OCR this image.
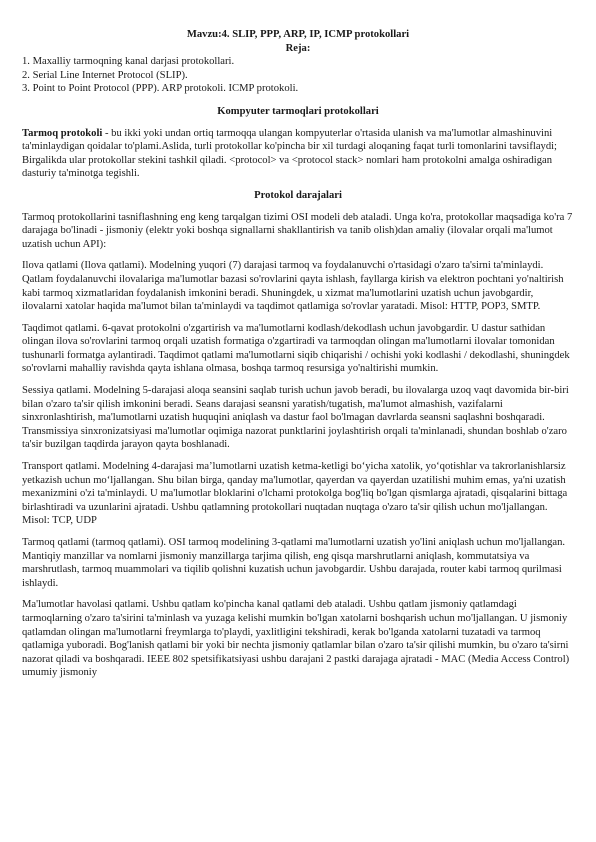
Mavzu:4. SLIP, PPP, ARP, IP, ICMP protokollari
Reja:
1. Maxalliy tarmoqning kanal darjasi protokollari.
2. Serial Line Internet Protocol (SLIP).
3. Point to Point Protocol (PPP). ARP protokoli. ICMP protokoli.
Kompyuter tarmoqlari protokollari

Tarmoq protokoli - bu ikki yoki undan ortiq tarmoqqa ulangan kompyuterlar o'rtasida ulanish va ma'lumotlar almashinuvini ta'minlaydigan qoidalar to'plami.Aslida, turli protokollar ko'pincha bir xil turdagi aloqaning faqat turli tomonlarini tavsiflaydi; Birgalikda ular protokollar stekini tashkil qiladi. <protocol> va <protocol stack> nomlari ham protokolni amalga oshiradigan dasturiy ta'minotga tegishli.

Protokol darajalari

Tarmoq protokollarini tasniflashning eng keng tarqalgan tizimi OSI modeli deb ataladi. Unga ko'ra, protokollar maqsadiga ko'ra 7 darajaga bo'linadi - jismoniy (elektr yoki boshqa signallarni shakllantirish va tanib olish)dan amaliy (ilovalar orqali ma'lumot uzatish uchun API):

Ilova qatlami (Ilova qatlami). Modelning yuqori (7) darajasi tarmoq va foydalanuvchi o'rtasidagi o'zaro ta'sirni ta'minlaydi. Qatlam foydalanuvchi ilovalariga ma'lumotlar bazasi so'rovlarini qayta ishlash, fayllarga kirish va elektron pochtani yo'naltirish kabi tarmoq xizmatlaridan foydalanish imkonini beradi. Shuningdek, u xizmat ma'lumotlarini uzatish uchun javobgardir, ilovalarni xatolar haqida ma'lumot bilan ta'minlaydi va taqdimot qatlamiga so'rovlar yaratadi. Misol: HTTP, POP3, SMTP.

Taqdimot qatlami. 6-qavat protokolni o'zgartirish va ma'lumotlarni kodlash/dekodlash uchun javobgardir. U dastur sathidan olingan ilova so'rovlarini tarmoq orqali uzatish formatiga o'zgartiradi va tarmoqdan olingan ma'lumotlarni ilovalar tomonidan tushunarli formatga aylantiradi. Taqdimot qatlami ma'lumotlarni siqib chiqarishi / ochishi yoki kodlashi / dekodlashi, shuningdek so'rovlarni mahalliy ravishda qayta ishlana olmasa, boshqa tarmoq resursiga yo'naltirishi mumkin.

Sessiya qatlami. Modelning 5-darajasi aloqa seansini saqlab turish uchun javob beradi, bu ilovalarga uzoq vaqt davomida bir-biri bilan o'zaro ta'sir qilish imkonini beradi. Seans darajasi seansni yaratish/tugatish, ma'lumot almashish, vazifalarni sinxronlashtirish, ma'lumotlarni uzatish huquqini aniqlash va dastur faol bo'lmagan davrlarda seansni saqlashni boshqaradi. Transmissiya sinxronizatsiyasi ma'lumotlar oqimiga nazorat punktlarini joylashtirish orqali ta'minlanadi, shundan boshlab o'zaro ta'sir buzilgan taqdirda jarayon qayta boshlanadi.

Transport qatlami. Modelning 4-darajasi maʼlumotlarni uzatish ketma-ketligi bo‘yicha xatolik, yo‘qotishlar va takrorlanishlarsiz yetkazish uchun mo‘ljallangan. Shu bilan birga, qanday ma'lumotlar, qayerdan va qayerdan uzatilishi muhim emas, ya'ni uzatish mexanizmini o'zi ta'minlaydi. U ma'lumotlar bloklarini o'lchami protokolga bog'liq bo'lgan qismlarga ajratadi, qisqalarini bittaga birlashtiradi va uzunlarini ajratadi. Ushbu qatlamning protokollari nuqtadan nuqtaga o'zaro ta'sir qilish uchun mo'ljallangan. Misol: TCP, UDP

Tarmoq qatlami (tarmoq qatlami). OSI tarmoq modelining 3-qatlami ma'lumotlarni uzatish yo'lini aniqlash uchun mo'ljallangan. Mantiqiy manzillar va nomlarni jismoniy manzillarga tarjima qilish, eng qisqa marshrutlarni aniqlash, kommutatsiya va marshrutlash, tarmoq muammolari va tiqilib qolishni kuzatish uchun javobgardir. Ushbu darajada, router kabi tarmoq qurilmasi ishlaydi.

Ma'lumotlar havolasi qatlami. Ushbu qatlam ko'pincha kanal qatlami deb ataladi. Ushbu qatlam jismoniy qatlamdagi tarmoqlarning o'zaro ta'sirini ta'minlash va yuzaga kelishi mumkin bo'lgan xatolarni boshqarish uchun mo'ljallangan. U jismoniy qatlamdan olingan ma'lumotlarni freymlarga to'playdi, yaxlitligini tekshiradi, kerak bo'lganda xatolarni tuzatadi va tarmoq qatlamiga yuboradi. Bog'lanish qatlami bir yoki bir nechta jismoniy qatlamlar bilan o'zaro ta'sir qilishi mumkin, bu o'zaro ta'sirni nazorat qiladi va boshqaradi. IEEE 802 spetsifikatsiyasi ushbu darajani 2 pastki darajaga ajratadi - MAC (Media Access Control) umumiy jismoniy
